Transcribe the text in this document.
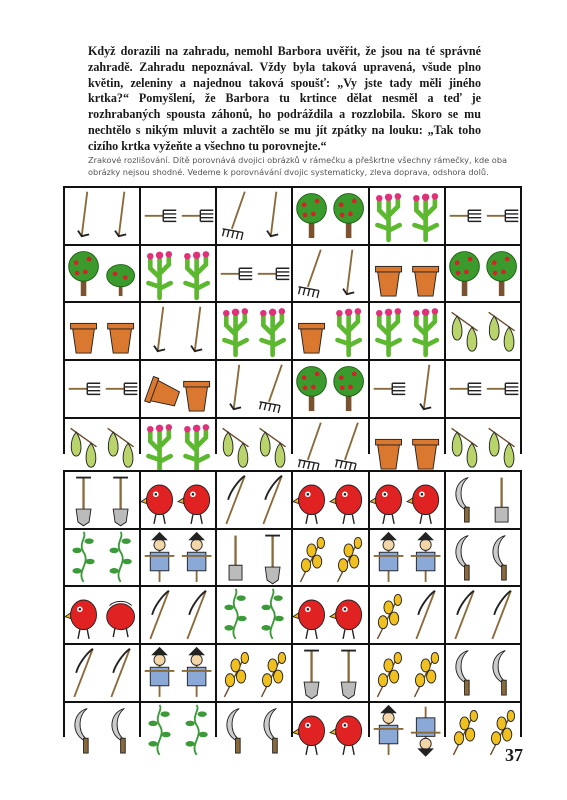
Když dorazili na zahradu, nemohl Barbora uvěřit, že jsou na té správné zahradě. Zahradu nepoznával. Vždy byla taková upravená, všude plno květin, zeleniny a najednou taková spoušť: „Vy jste tady měli jiného krtka?“ Pomyšlení, že Barbora tu krtince dělat nesměl a teď je rozhrabaných spousta záhonů, ho podráždila a rozzlobila. Skoro se mu nechtělo s nikým mluvit a zachtělo se mu jít zpátky na louku: „Tak toho cizího krtka vyžeňte a všechno tu porovnejte.“
Zrakové rozlišování. Dítě porovnává dvojici obrázků v rámečku a přeškrtne všechny rámečky, kde oba obrázky nejsou shodné. Vedeme k porovnávání dvojic systematicky, zleva doprava, odshora dolů.
37
